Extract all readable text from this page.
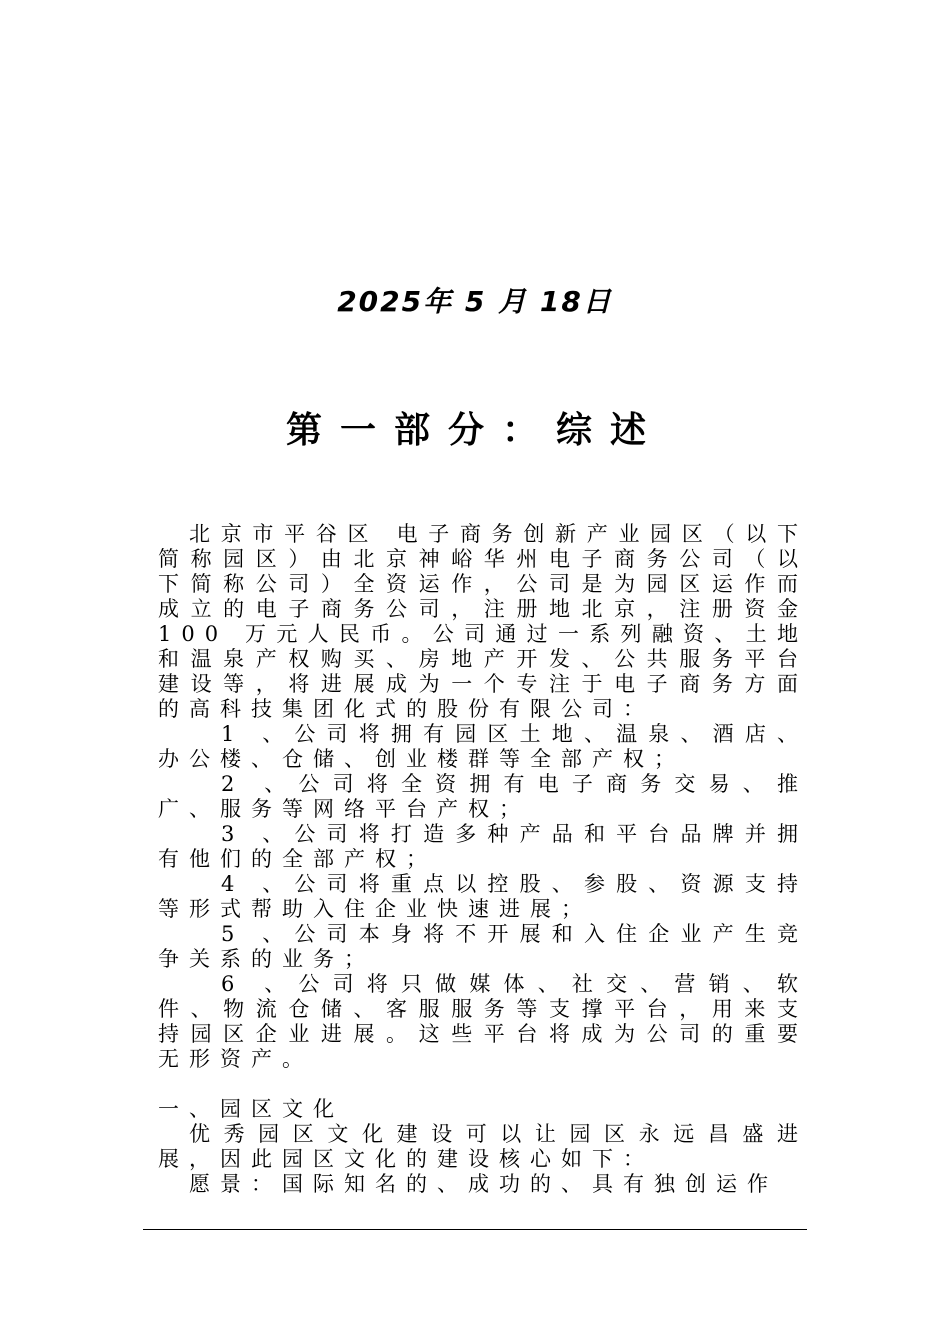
2025年 5 月 18日
第一部分：综述

北京市平谷区 电子商务创新产业园区（以下简称园区）由北京神峪华州电子商务公司（以下简称公司）全资运作，公司是为园区运作而成立的电子商务公司，注册地北京，注册资金100 万元人民币。公司通过一系列融资、土地和温泉产权购买、房地产开发、公共服务平台建设等，将进展成为一个专注于电子商务方面的高科技集团化式的股份有限公司：

1 、公司将拥有园区土地、温泉、酒店、办公楼、仓储、创业楼群等全部产权；

2 、公司将全资拥有电子商务交易、推广、服务等网络平台产权；

3 、公司将打造多种产品和平台品牌并拥有他们的全部产权；

4 、公司将重点以控股、参股、资源支持等形式帮助入住企业快速进展；

5 、公司本身将不开展和入住企业产生竞争关系的业务；

6 、公司将只做媒体、社交、营销、软件、物流仓储、客服服务等支撑平台，用来支持园区企业进展。这些平台将成为公司的重要无形资产。

一、园区文化

优秀园区文化建设可以让园区永远昌盛进展，因此园区文化的建设核心如下：

愿景：国际知名的、成功的、具有独创运作
